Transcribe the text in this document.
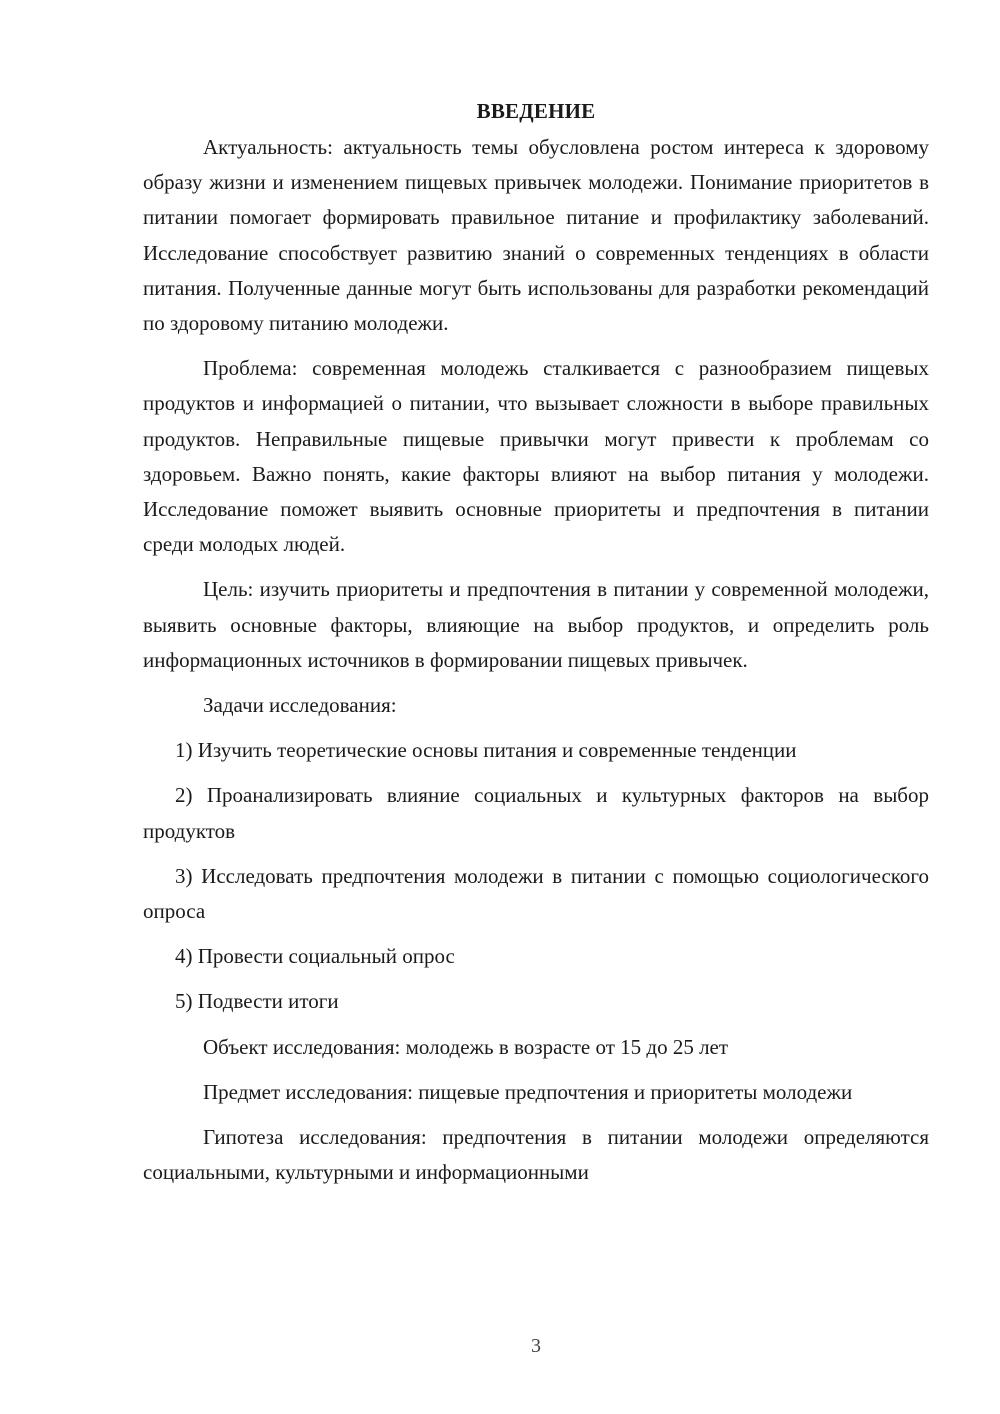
ВВЕДЕНИЕ

Актуальность: актуальность темы обусловлена ростом интереса к здоровому образу жизни и изменением пищевых привычек молодежи. Понимание приоритетов в питании помогает формировать правильное питание и профилактику заболеваний. Исследование способствует развитию знаний о современных тенденциях в области питания. Полученные данные могут быть использованы для разработки рекомендаций по здоровому питанию молодежи.

Проблема: современная молодежь сталкивается с разнообразием пищевых продуктов и информацией о питании, что вызывает сложности в выборе правильных продуктов. Неправильные пищевые привычки могут привести к проблемам со здоровьем. Важно понять, какие факторы влияют на выбор питания у молодежи. Исследование поможет выявить основные приоритеты и предпочтения в питании среди молодых людей.

Цель: изучить приоритеты и предпочтения в питании у современной молодежи, выявить основные факторы, влияющие на выбор продуктов, и определить роль информационных источников в формировании пищевых привычек.

Задачи исследования:

1) Изучить теоретические основы питания и современные тенденции

2) Проанализировать влияние социальных и культурных факторов на выбор продуктов

3) Исследовать предпочтения молодежи в питании с помощью социологического опроса

4) Провести социальный опрос

5) Подвести итоги

Объект исследования: молодежь в возрасте от 15 до 25 лет

Предмет исследования: пищевые предпочтения и приоритеты молодежи

Гипотеза исследования: предпочтения в питании молодежи определяются социальными, культурными и информационными

3
